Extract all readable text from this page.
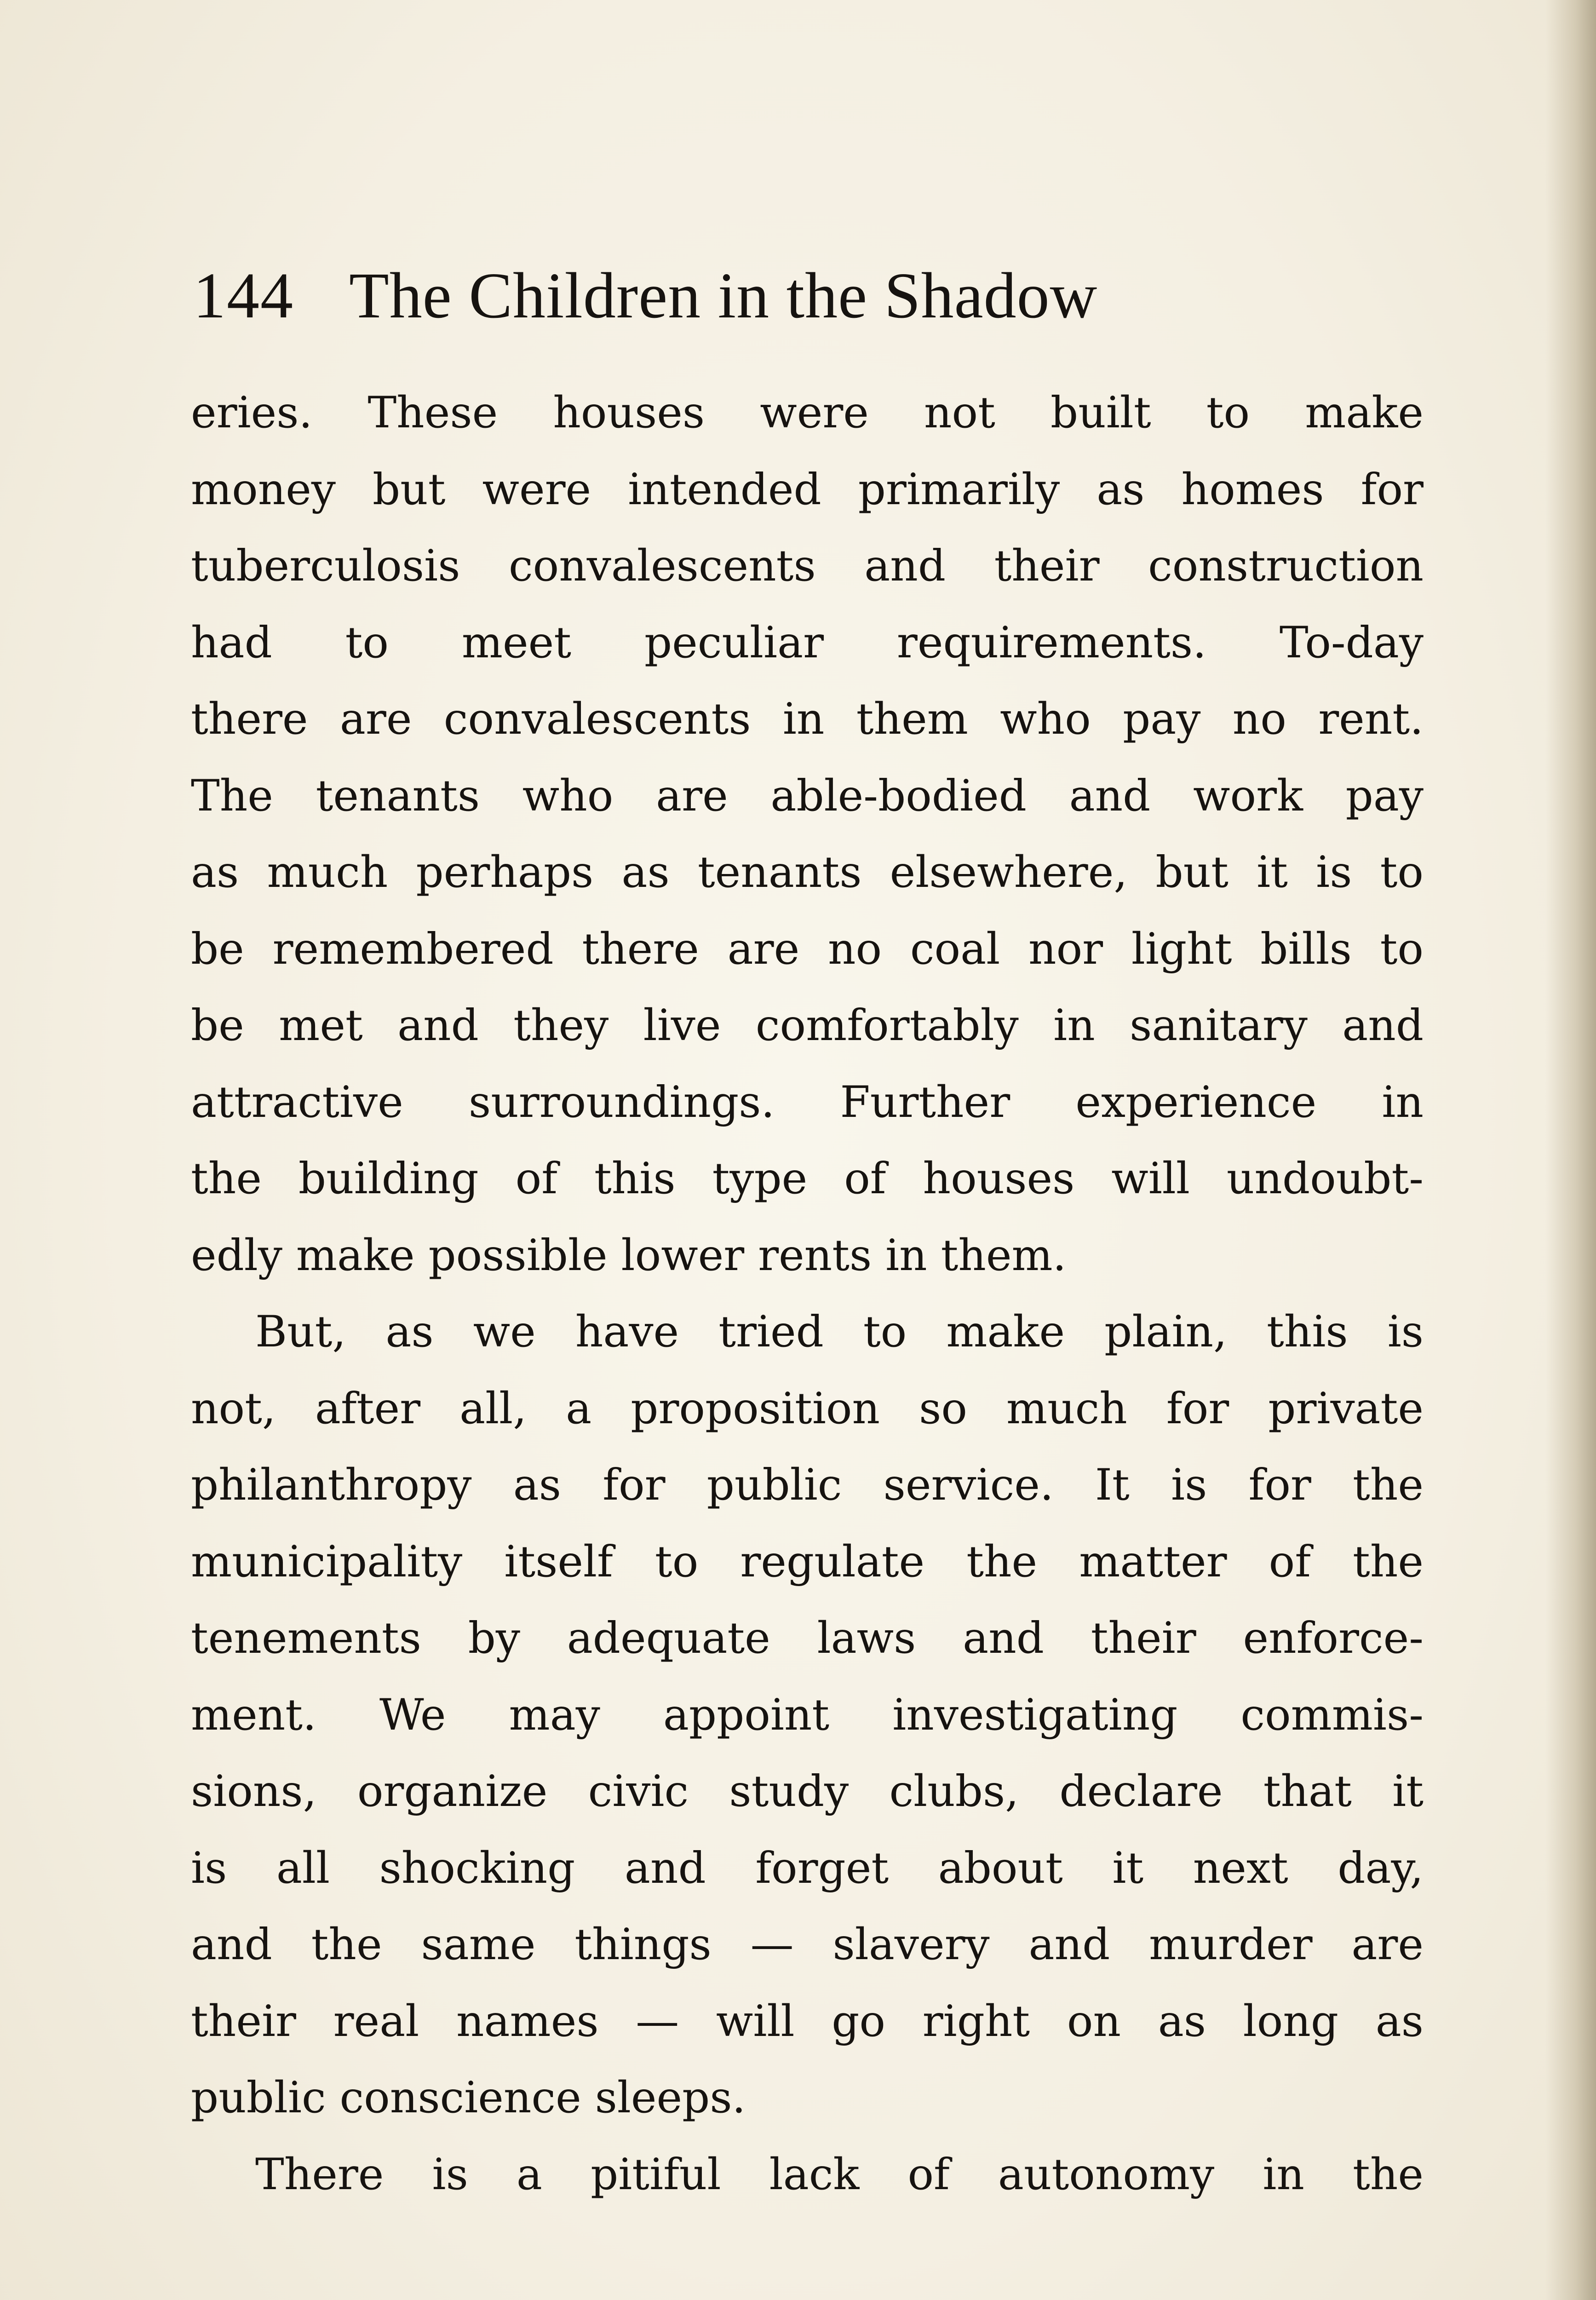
144 The Children in the Shadow
eries. These houses were not built to make
money but were intended primarily as homes for
tuberculosis convalescents and their construction
had to meet peculiar requirements. To-day
there are convalescents in them who pay no rent.
The tenants who are able-bodied and work pay
as much perhaps as tenants elsewhere, but it is to
be remembered there are no coal nor light bills to
be met and they live comfortably in sanitary and
attractive surroundings. Further experience in
the building of this type of houses will undoubt-
edly make possible lower rents in them.
But, as we have tried to make plain, this is
not, after all, a proposition so much for private
philanthropy as for public service. It is for the
municipality itself to regulate the matter of the
tenements by adequate laws and their enforce-
ment. We may appoint investigating commis-
sions, organize civic study clubs, declare that it
is all shocking and forget about it next day,
and the same things — slavery and murder are
their real names — will go right on as long as
public conscience sleeps.
There is a pitiful lack of autonomy in the
